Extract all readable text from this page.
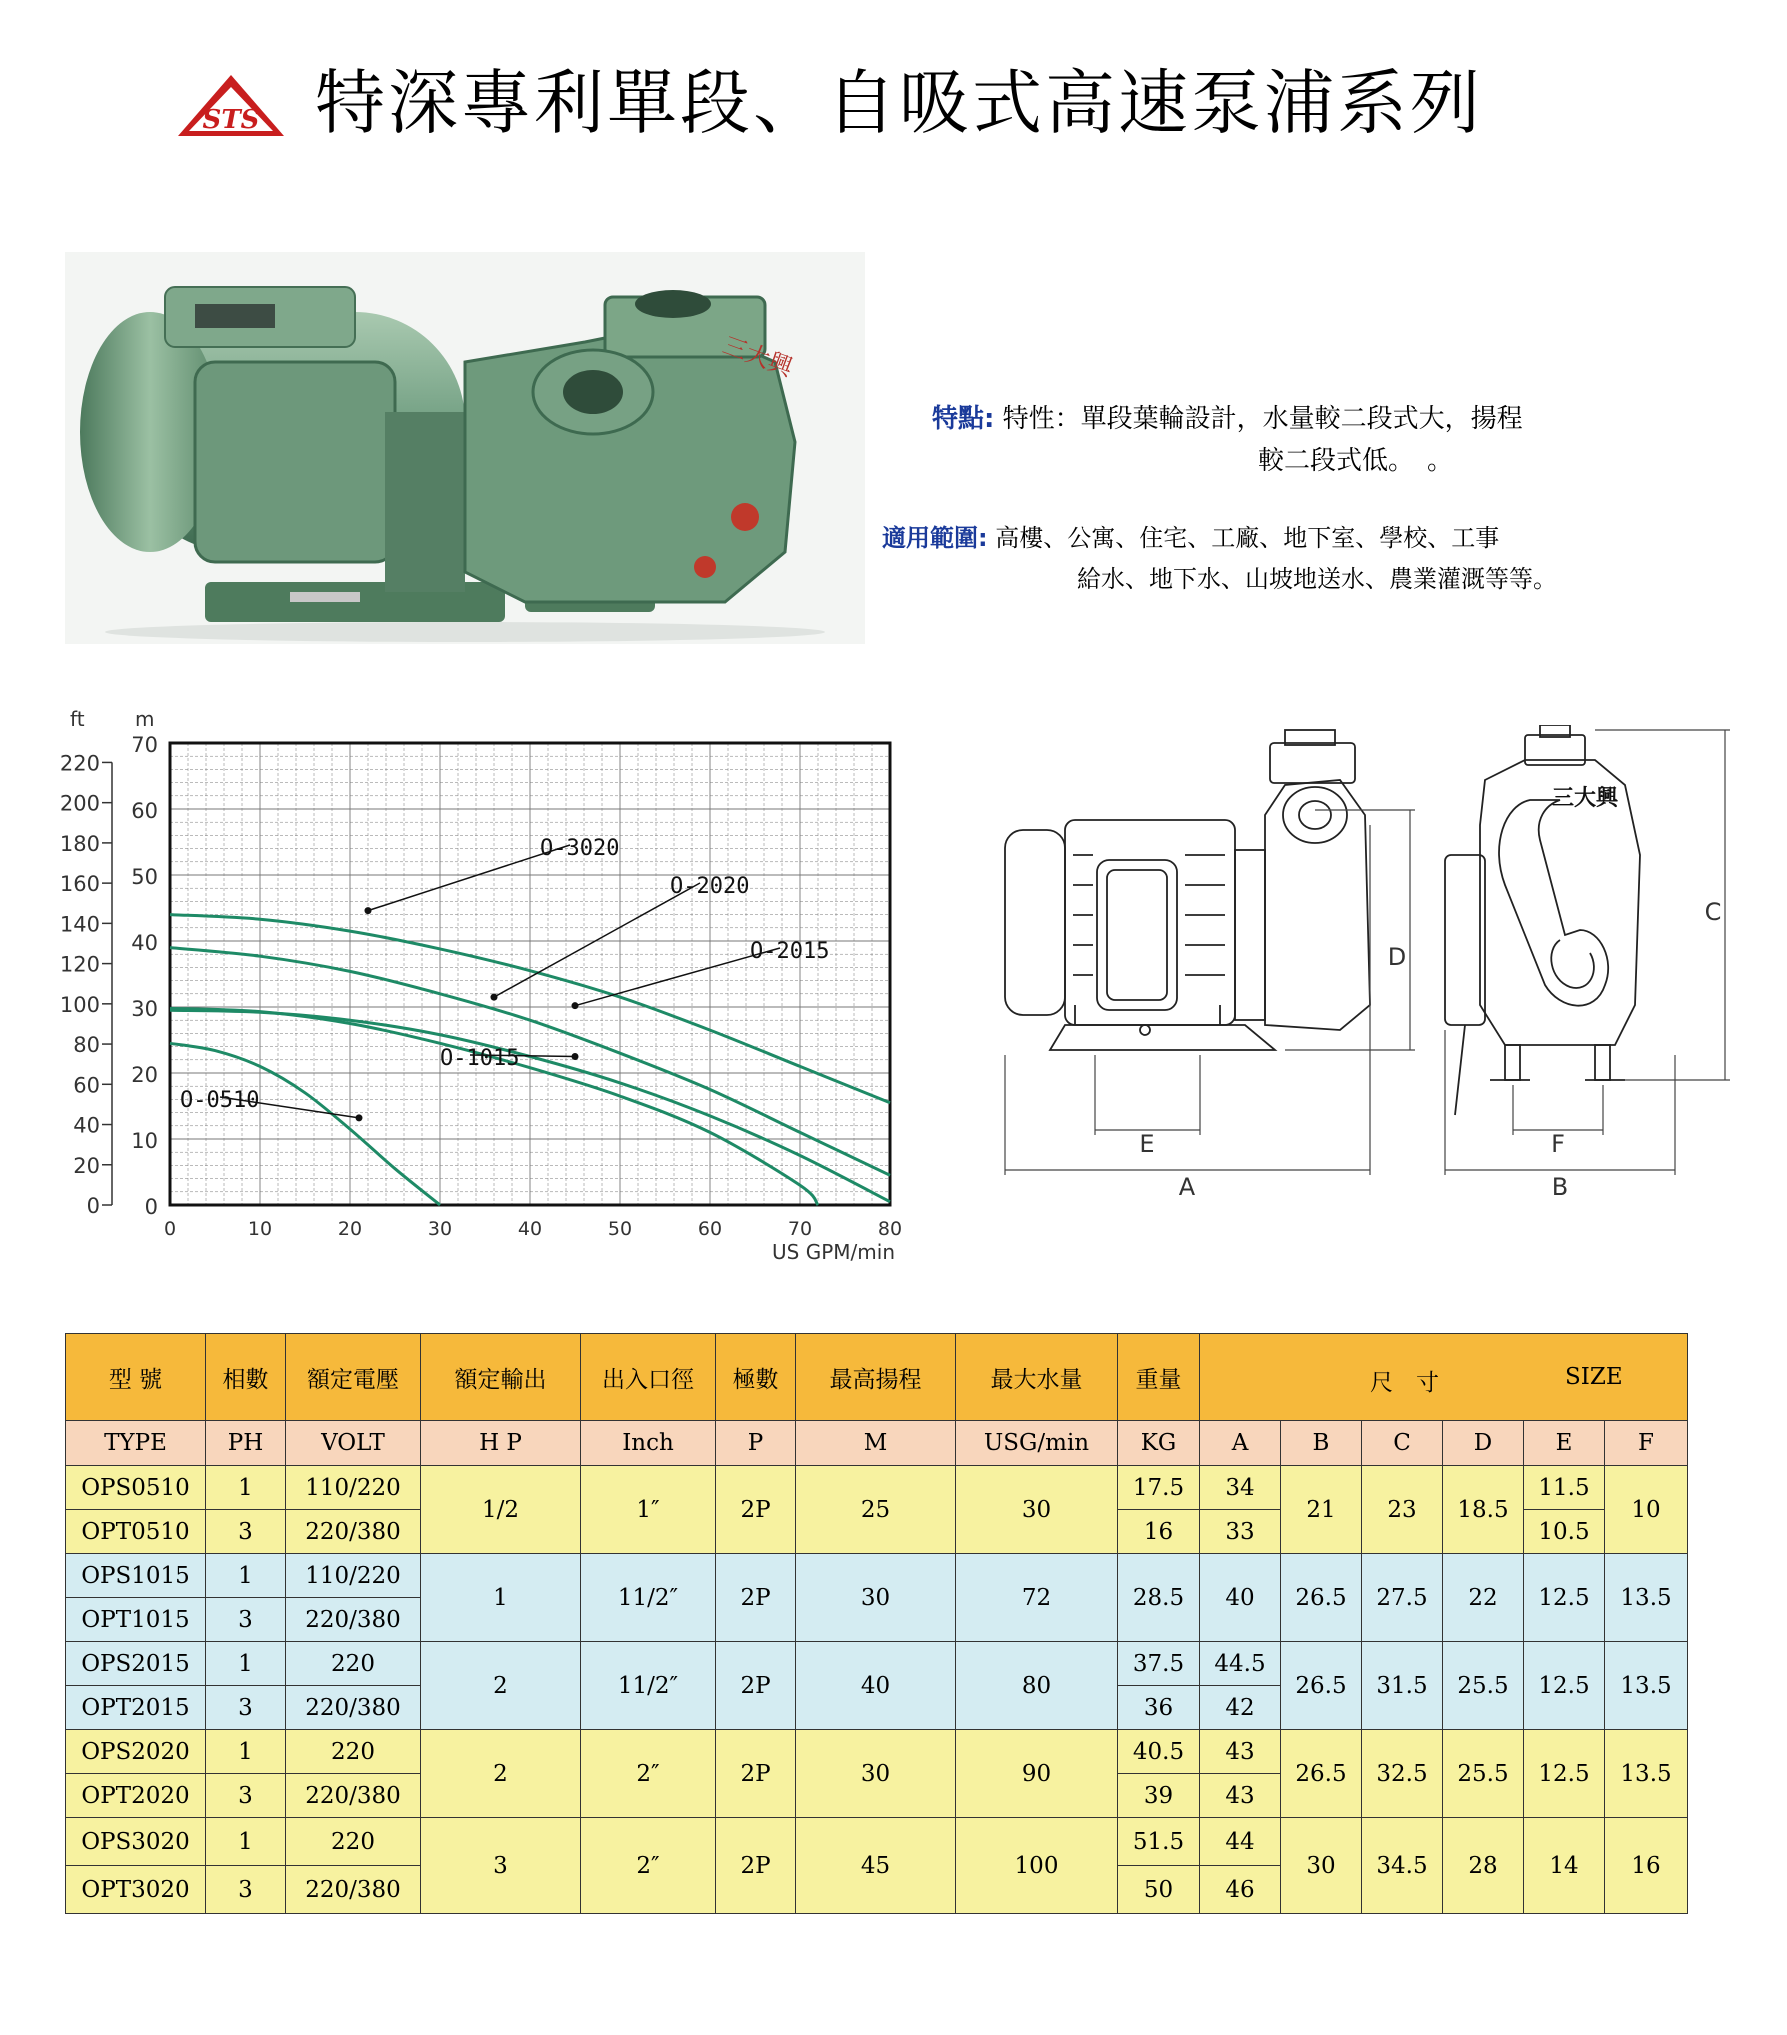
STS 特深專利單段、自吸式高速泵浦系列
三大興
特點: 特性：單段葉輪設計，水量較二段式大，揚程
較二段式低。　。
適用範圍: 高樓、公寓、住宅、工廠、地下室、學校、工事
給水、地下水、山坡地送水、農業灌溉等等。
0
10
20
30
40
50
60
70
0
20
40
60
80
100
120
140
160
180
200
220
0	10	20	30	40	50	60	70	80
US GPM/min
ft	m
O-3020
O-2020
O-2015
O-1015
O-0510
A	B
C
D
E	F
三大興
型 號	相數	額定電壓	額定輸出	出入口徑	極數	最高揚程	最大水量	重量	尺　寸 SIZE					

TYPE	PH	VOLT	H P	Inch	P	M	USG/min	KG	A	B	C	D	E	F
OPS0510	1	110/220	1/2	1″	2P	25	30	17.5	34	21	23	18.5	11.5	10
OPT0510	3	220/380						16	33				10.5	
OPS1015	1	110/220	1	11/2″	2P	30	72	28.5	40	26.5	27.5	22	12.5	13.5
OPT1015	3	220/380												
OPS2015	1	220	2	11/2″	2P	40	80	37.5	44.5	26.5	31.5	25.5	12.5	13.5
OPT2015	3	220/380						36	42					
OPS2020	1	220	2	2″	2P	30	90	40.5	43	26.5	32.5	25.5	12.5	13.5
OPT2020	3	220/380						39	43					
OPS3020	1	220	3	2″	2P	45	100	51.5	44	30	34.5	28	14	16
OPT3020	3	220/380						50	46					
